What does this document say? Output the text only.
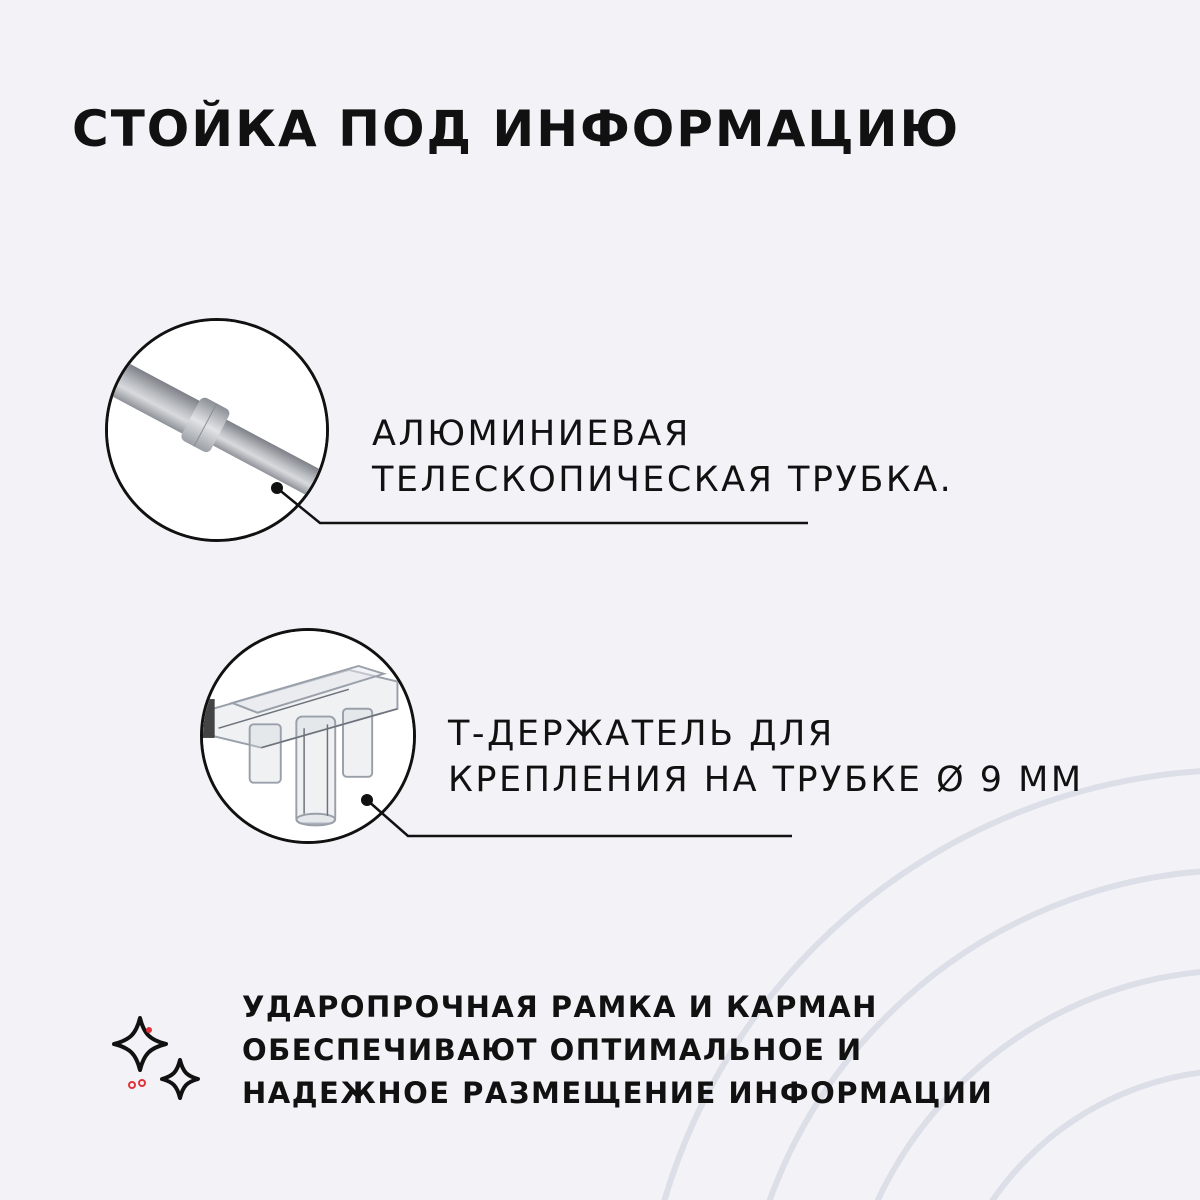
СТОЙКА ПОД ИНФОРМАЦИЮ
АЛЮМИНИЕВАЯ
ТЕЛЕСКОПИЧЕСКАЯ ТРУБКА.
Т-ДЕРЖАТЕЛЬ ДЛЯ
КРЕПЛЕНИЯ НА ТРУБКЕ Ø 9 ММ
УДАРОПРОЧНАЯ РАМКА И КАРМАН
ОБЕСПЕЧИВАЮТ ОПТИМАЛЬНОЕ И
НАДЕЖНОЕ РАЗМЕЩЕНИЕ ИНФОРМАЦИИ
